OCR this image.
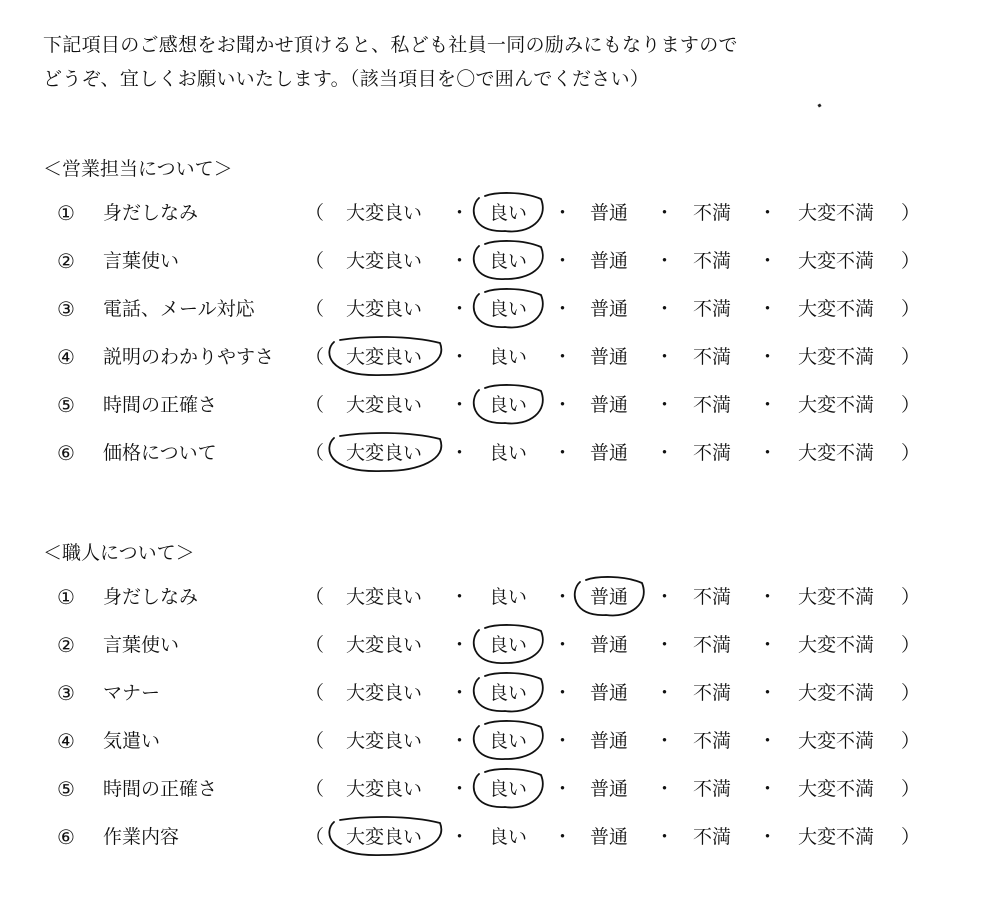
下記項目のご感想をお聞かせ頂けると、私ども社員一同の励みにもなりますので
どうぞ、宜しくお願いいたします。（該当項目を〇で囲んでください）
＜営業担当について＞
① 身だしなみ	（	大変良い	・ 良い ・ 普通 ・ 不満 ・	大変不満	）
② 言葉使い	（	大変良い	・ 良い ・ 普通 ・ 不満 ・	大変不満	）
③ 電話、メール対応	（	大変良い	・ 良い ・ 普通 ・ 不満 ・	大変不満	）
④ 説明のわかりやすさ （	大変良い	・ 良い ・ 普通 ・ 不満 ・	大変不満	）
⑤ 時間の正確さ	（	大変良い	・ 良い ・ 普通 ・ 不満 ・	大変不満	）
⑥ 価格について	（	大変良い	・ 良い ・ 普通 ・ 不満 ・	大変不満	）
＜職人について＞
① 身だしなみ	（	大変良い	・ 良い ・ 普通 ・ 不満 ・	大変不満	）
② 言葉使い	（	大変良い	・ 良い ・ 普通 ・ 不満 ・	大変不満	）
③ マナー	（	大変良い	・ 良い ・ 普通 ・ 不満 ・	大変不満	）
④ 気遣い	（	大変良い	・ 良い ・ 普通 ・ 不満 ・	大変不満	）
⑤ 時間の正確さ	（	大変良い	・ 良い ・ 普通 ・ 不満 ・	大変不満	）
⑥ 作業内容	（	大変良い	・ 良い ・ 普通 ・ 不満 ・	大変不満	）
